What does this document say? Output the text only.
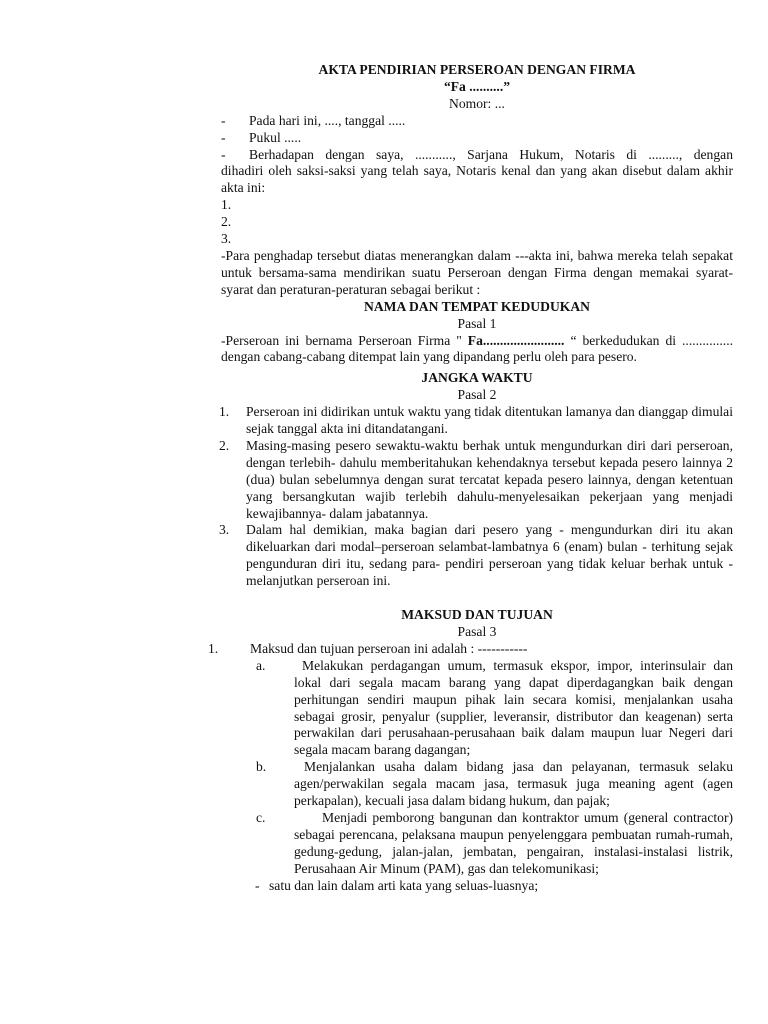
AKTA PENDIRIAN PERSEROAN DENGAN FIRMA
“Fa ..........”
Nomor: ...
-	Pada hari ini, ...., tanggal .....
-	Pukul .....
-	Berhadapan dengan saya, ..........., Sarjana Hukum, Notaris di ........., dengan
dihadiri oleh saksi-saksi yang telah saya, Notaris kenal dan yang akan disebut dalam akhir akta ini:
1.
2.
3.
-Para penghadap tersebut diatas menerangkan dalam ---akta ini, bahwa mereka telah sepakat untuk bersama-sama mendirikan suatu Perseroan dengan Firma dengan memakai syarat-syarat dan peraturan-peraturan sebagai berikut :
NAMA DAN TEMPAT KEDUDUKAN
Pasal 1
-Perseroan ini bernama Perseroan Firma " Fa........................ “ berkedudukan di ............... dengan cabang-cabang ditempat lain yang dipandang perlu oleh para pesero.
JANGKA WAKTU
Pasal 2
1.	Perseroan ini didirikan untuk waktu yang tidak ditentukan lamanya dan dianggap dimulai sejak tanggal akta ini ditandatangani.
2.	Masing-masing pesero sewaktu-waktu berhak untuk mengundurkan diri dari perseroan, dengan terlebih- dahulu memberitahukan kehendaknya tersebut kepada pesero lainnya 2 (dua) bulan sebelumnya dengan surat tercatat kepada pesero lainnya, dengan ketentuan yang bersangkutan wajib terlebih dahulu-menyelesaikan pekerjaan yang menjadi kewajibannya- dalam jabatannya.
3.	Dalam hal demikian, maka bagian dari pesero yang - mengundurkan diri itu akan dikeluarkan dari modal–perseroan selambat-lambatnya 6 (enam) bulan - terhitung sejak pengunduran diri itu, sedang para- pendiri perseroan yang tidak keluar berhak untuk - melanjutkan perseroan ini.
MAKSUD DAN TUJUAN
Pasal 3
1.	Maksud dan tujuan perseroan ini adalah : -----------
a.	Melakukan perdagangan umum, termasuk ekspor, impor, interinsulair dan lokal dari segala macam barang yang dapat diperdagangkan baik dengan perhitungan sendiri maupun pihak lain secara komisi, menjalankan usaha sebagai grosir, penyalur (supplier, leveransir, distributor dan keagenan) serta perwakilan dari perusahaan-perusahaan baik dalam maupun luar Negeri dari segala macam barang dagangan;
b.	Menjalankan usaha dalam bidang jasa dan pelayanan, termasuk selaku agen/perwakilan segala macam jasa, termasuk juga meaning agent (agen perkapalan), kecuali jasa dalam bidang hukum, dan pajak;
c.	Menjadi pemborong bangunan dan kontraktor umum (general contractor) sebagai perencana, pelaksana maupun penyelenggara pembuatan rumah-rumah, gedung-gedung, jalan-jalan, jembatan, pengairan, instalasi-instalasi listrik, Perusahaan Air Minum (PAM), gas dan telekomunikasi;
- satu dan lain dalam arti kata yang seluas-luasnya;
